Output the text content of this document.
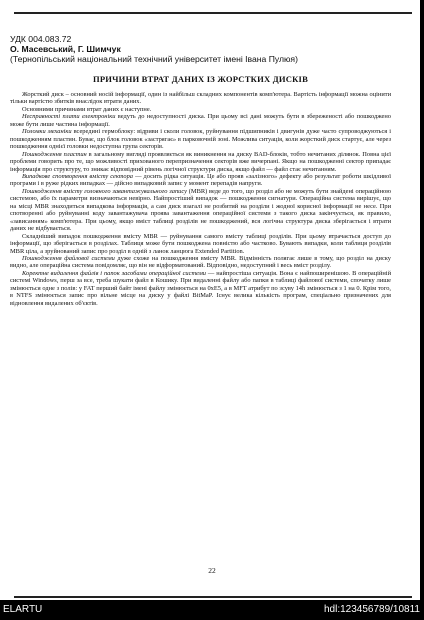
УДК 004.083.72
О. Масевський, Г. Шимчук
(Тернопільський національний технічний університет імені Івана Пулюя)
ПРИЧИНИ ВТРАТ ДАНИХ ІЗ ЖОРСТКИХ ДИСКІВ

Жорсткий диск – основний носій інформації, один із найбільш складних компонентів комп'ютера. Вартість інформації можна оцінити тільки вартістю збитків внаслідок втрати даних.

Основними причинами втрат даних є наступне.

Несправності плати електроніки ведуть до недоступності диска. При цьому всі дані можуть бути в збереженості або пошкоджено може бути лише частина інформації.

Поломки механіки всередині гермоблоку: відриви і сколи головок, руйнування підшипників і двигунів дуже часто супроводжуються і пошкодженням пластин. Буває, що блок головок «застрягає» в парковочній зоні. Можлива ситуація, коли жорсткий диск стартує, але через пошкодження однієї головки недоступна група секторів.

Пошкодження пластин в загальному вигляді проявляється як виникнення на диску BAD-блоків, тобто нечитаних ділянок. Повна цієї проблеми говорить про те, що можливості прихованого перепризначення секторів вже вичерпані. Якщо на пошкодженні сектор припадає інформація про структуру, то зникає відповідний рівень логічної структури диска, якщо файл — файл стає нечитанням.

Випадкове спотворення вмісту сектора — досить рідка ситуація. Це або прояв «залізного» дефекту або результат роботи шкідливої програми і в руже рідких випадках — дійсно випадковий запис у момент перепадів напруги.

Пошкодження вмісту головного завантажувального запису (MBR) веде до того, що розділ або не можуть бути знайдені операційною системою, або їх параметри визначаються невірно. Найпростіший випадок — пошкодження сигнатури. Операційна система вирішує, що на місці MBR знаходиться випадкова інформація, а сам диск взагалі не розбитий на розділи і жодної корисної інформації не несе. При спотворенні або руйнуванні коду завантажувача проява завантаження операційної системи з такого диска закінчується, як правило, «зависанням» комп'ютера. При цьому, якщо вміст таблиці розділів не пошкоджений, вся логічна структура диска зберігається і втрати даних не відбувається.

Складніший випадок пошкодження вмісту MBR — руйнування самого вмісту таблиці розділів. При цьому втрачається доступ до інформації, що зберігається в розділах. Таблиця може бути пошкоджена повністю або частково. Бувають випадки, коли таблиця розділів MBR ціла, а зруйнований запис про розділ в одній з ланок ланцюга Extended Partition.

Пошкодження файлової системи дуже схоже на пошкодження вмісту MBR. Відмінність полягає лише в тому, що розділ на диску видно, але операційна система повідомляє, що він не відформатований. Відповідно, недоступний і весь вміст розділу.

Коректне видалення файлів і папок засобами операційної системи — найпростіша ситуація. Вона є найпоширенішою. В операційній системі Windows, перш за все, треба шукати файл в Кошику. При видаленні файлу або папки в таблиці файлової системи, спочатку лише змінюється одне з полів: у FAT перший байт імені файлу змінюється на 0xE5, а в MFT атрибут по зсуву 14h змінюється з 1 на 0. Крім того, в NTFS змінюється запис про вільне місце на диску у файлі BitMaP. Існує велика кількість програм, спеціально призначених для відновлення видалених об'єктів.

22
ELARTU	hdl:123456789/10811
